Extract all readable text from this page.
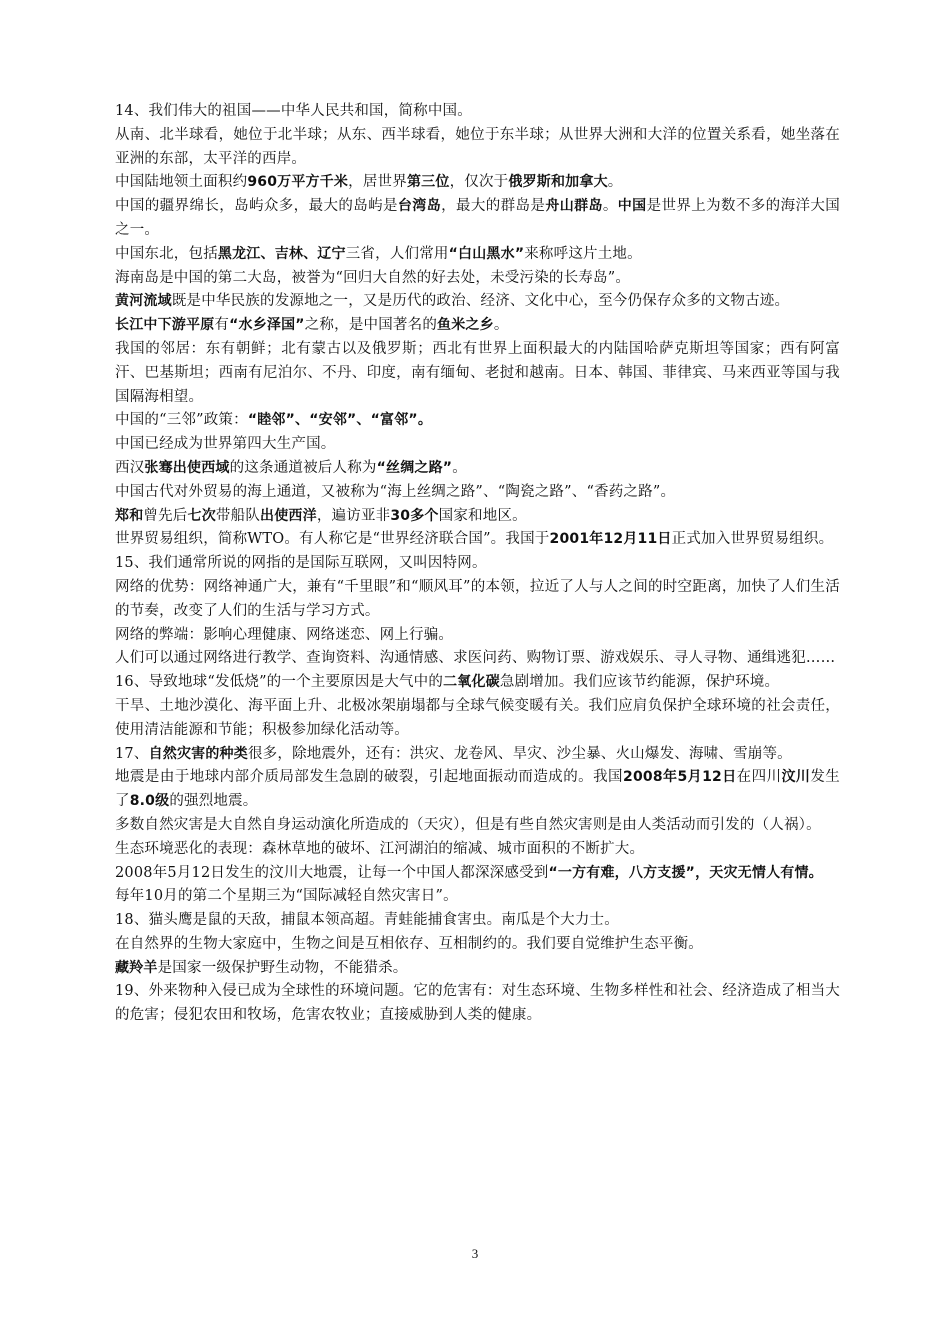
14、我们伟大的祖国——中华人民共和国，简称中国。

从南、北半球看，她位于北半球；从东、西半球看，她位于东半球；从世界大洲和大洋的位置关系看，她坐落在亚洲的东部，太平洋的西岸。

中国陆地领土面积约960万平方千米，居世界第三位，仅次于俄罗斯和加拿大。

中国的疆界绵长，岛屿众多，最大的岛屿是台湾岛，最大的群岛是舟山群岛。中国是世界上为数不多的海洋大国之一。

中国东北，包括黑龙江、吉林、辽宁三省，人们常用“白山黑水”来称呼这片土地。

海南岛是中国的第二大岛，被誉为“回归大自然的好去处，未受污染的长寿岛”。

黄河流域既是中华民族的发源地之一，又是历代的政治、经济、文化中心，至今仍保存众多的文物古迹。

长江中下游平原有“水乡泽国”之称，是中国著名的鱼米之乡。

我国的邻居：东有朝鲜；北有蒙古以及俄罗斯；西北有世界上面积最大的内陆国哈萨克斯坦等国家；西有阿富汗、巴基斯坦；西南有尼泊尔、不丹、印度，南有缅甸、老挝和越南。日本、韩国、菲律宾、马来西亚等国与我国隔海相望。

中国的“三邻”政策：“睦邻”、“安邻”、“富邻”。

中国已经成为世界第四大生产国。

西汉张骞出使西域的这条通道被后人称为“丝绸之路”。

中国古代对外贸易的海上通道，又被称为“海上丝绸之路”、“陶瓷之路”、“香药之路”。

郑和曾先后七次带船队出使西洋，遍访亚非30多个国家和地区。

世界贸易组织，简称WTO。有人称它是“世界经济联合国”。我国于2001年12月11日正式加入世界贸易组织。

15、我们通常所说的网指的是国际互联网，又叫因特网。

网络的优势：网络神通广大，兼有“千里眼”和“顺风耳”的本领，拉近了人与人之间的时空距离，加快了人们生活的节奏，改变了人们的生活与学习方式。

网络的弊端：影响心理健康、网络迷恋、网上行骗。

人们可以通过网络进行教学、查询资料、沟通情感、求医问药、购物订票、游戏娱乐、寻人寻物、通缉逃犯……

16、导致地球“发低烧”的一个主要原因是大气中的二氧化碳急剧增加。我们应该节约能源，保护环境。

干旱、土地沙漠化、海平面上升、北极冰架崩塌都与全球气候变暖有关。我们应肩负保护全球环境的社会责任，使用清洁能源和节能；积极参加绿化活动等。

17、自然灾害的种类很多，除地震外，还有：洪灾、龙卷风、旱灾、沙尘暴、火山爆发、海啸、雪崩等。

地震是由于地球内部介质局部发生急剧的破裂，引起地面振动而造成的。我国2008年5月12日在四川汶川发生了8.0级的强烈地震。

多数自然灾害是大自然自身运动演化所造成的（天灾），但是有些自然灾害则是由人类活动而引发的（人祸）。

生态环境恶化的表现：森林草地的破坏、江河湖泊的缩减、城市面积的不断扩大。

2008年5月12日发生的汶川大地震，让每一个中国人都深深感受到“一方有难，八方支援”，天灾无情人有情。

每年10月的第二个星期三为“国际减轻自然灾害日”。

18、猫头鹰是鼠的天敌，捕鼠本领高超。青蛙能捕食害虫。南瓜是个大力士。

在自然界的生物大家庭中，生物之间是互相依存、互相制约的。我们要自觉维护生态平衡。

藏羚羊是国家一级保护野生动物，不能猎杀。

19、外来物种入侵已成为全球性的环境问题。它的危害有：对生态环境、生物多样性和社会、经济造成了相当大的危害；侵犯农田和牧场，危害农牧业；直接威胁到人类的健康。

3
